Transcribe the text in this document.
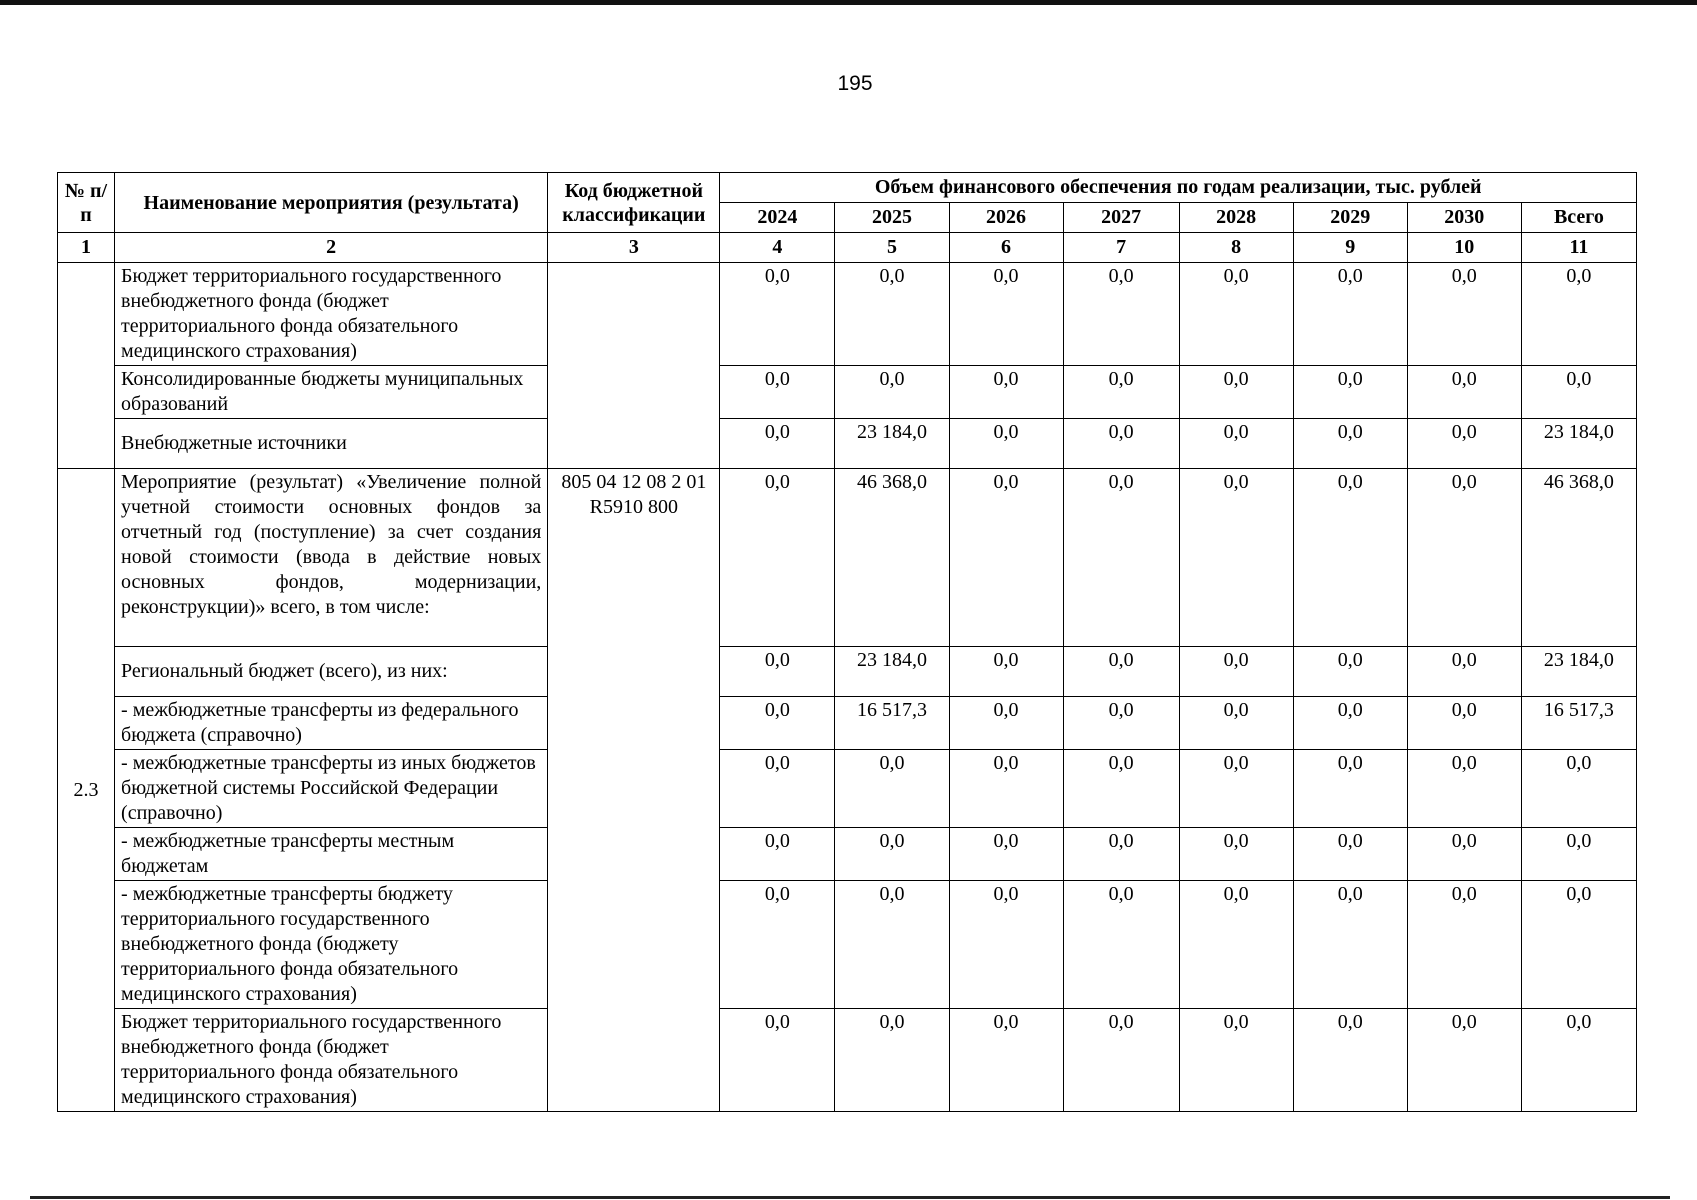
195
№ п/п	Наименование мероприятия (результата)	Код бюджетной классификации	Объем финансового обеспечения по годам реализации, тыс. рублей							
			2024	2025	2026	2027	2028	2029	2030	Всего
1	2	3	4	5	6	7	8	9	10	11
	Бюджет территориального государственного внебюджетного фонда (бюджет территориального фонда обязательного медицинского страхования)		0,0	0,0	0,0	0,0	0,0	0,0	0,0	0,0
	Консолидированные бюджеты муниципальных образований		0,0	0,0	0,0	0,0	0,0	0,0	0,0	0,0
	Внебюджетные источники		0,0	23 184,0	0,0	0,0	0,0	0,0	0,0	23 184,0
2.3	Мероприятие (результат) «Увеличение полной учетной стоимости основных фондов за отчетный год (поступление) за счет создания новой стоимости (ввода в действие новых основных фондов, модернизации, реконструкции)» всего, в том числе:	805 04 12 08 2 01 R5910 800	0,0	46 368,0	0,0	0,0	0,0	0,0	0,0	46 368,0
	Региональный бюджет (всего), из них:		0,0	23 184,0	0,0	0,0	0,0	0,0	0,0	23 184,0
	- межбюджетные трансферты из федерального бюджета (справочно)		0,0	16 517,3	0,0	0,0	0,0	0,0	0,0	16 517,3
	- межбюджетные трансферты из иных бюджетов бюджетной системы Российской Федерации (справочно)		0,0	0,0	0,0	0,0	0,0	0,0	0,0	0,0
	- межбюджетные трансферты местным бюджетам		0,0	0,0	0,0	0,0	0,0	0,0	0,0	0,0
	- межбюджетные трансферты бюджету территориального государственного внебюджетного фонда (бюджету территориального фонда обязательного медицинского страхования)		0,0	0,0	0,0	0,0	0,0	0,0	0,0	0,0
	Бюджет территориального государственного внебюджетного фонда (бюджет территориального фонда обязательного медицинского страхования)		0,0	0,0	0,0	0,0	0,0	0,0	0,0	0,0
